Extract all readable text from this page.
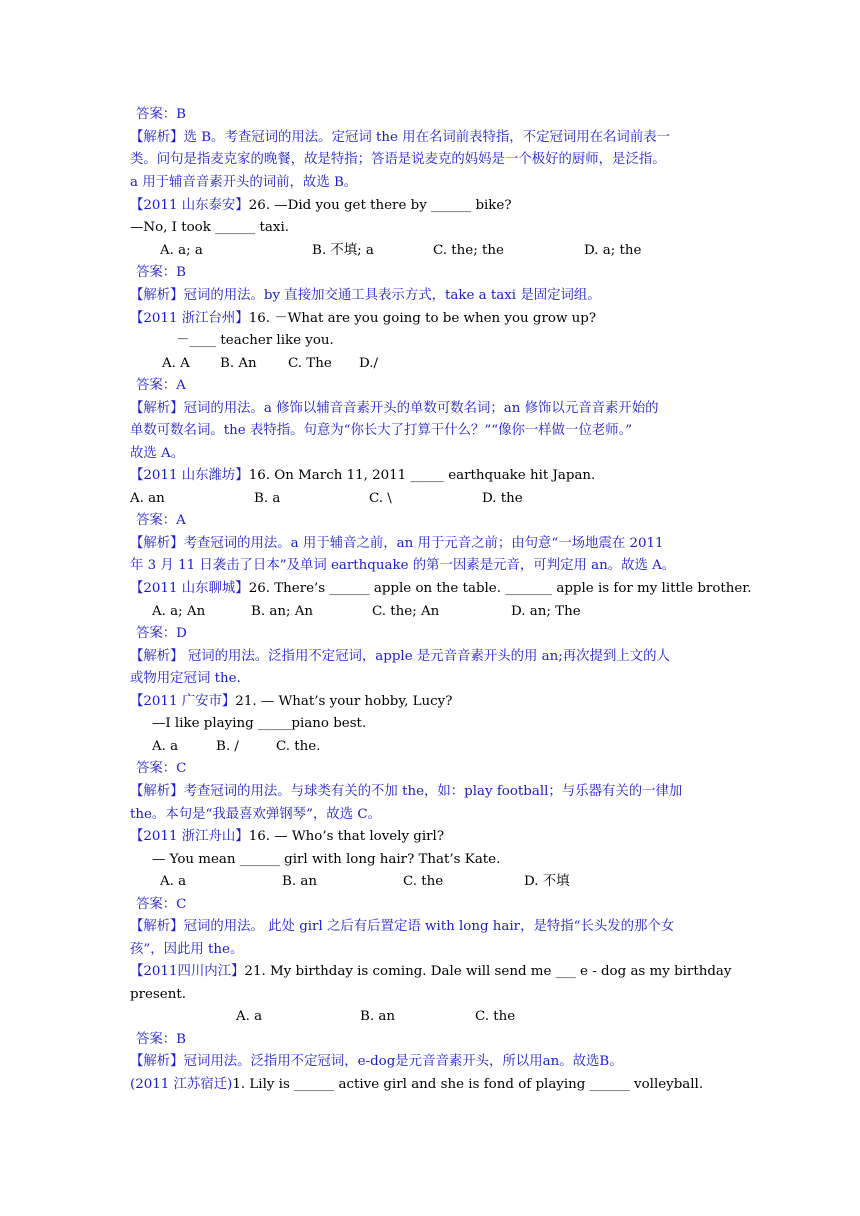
答案：B
【解析】选 B。考查冠词的用法。定冠词 the 用在名词前表特指，不定冠词用在名词前表一
类。问句是指麦克家的晚餐，故是特指；答语是说麦克的妈妈是一个极好的厨师，是泛指。
a 用于辅音音素开头的词前，故选 B。
【2011 山东泰安】26. —Did you get there by ______ bike?
—No, I took ______ taxi.
A. a; a	B. 不填; a	C. the; the	D. a; the
答案：B
【解析】冠词的用法。by 直接加交通工具表示方式，take a taxi 是固定词组。
【2011 浙江台州】16. －What are you going to be when you grow up?
－____ teacher like you.
A. A B. An C. The D./
答案：A
【解析】冠词的用法。a 修饰以辅音音素开头的单数可数名词；an 修饰以元音音素开始的
单数可数名词。the 表特指。句意为“你长大了打算干什么？”“像你一样做一位老师。”
故选 A。
【2011 山东潍坊】16. On March 11, 2011 _____ earthquake hit Japan.
A. an	B. a	C. \	D. the
答案：A
【解析】考查冠词的用法。a 用于辅音之前，an 用于元音之前；由句意“一场地震在 2011
年 3 月 11 日袭击了日本”及单词 earthquake 的第一因素是元音，可判定用 an。故选 A。
【2011 山东聊城】26. There’s ______ apple on the table. _______ apple is for my little brother.
A. a; An	B. an; An	C. the; An	D. an; The
答案：D
【解析】 冠词的用法。泛指用不定冠词，apple 是元音音素开头的用 an;再次提到上文的人
或物用定冠词 the.
【2011 广安市】21. — What’s your hobby, Lucy?
—I like playing _____piano best.
A. a	B. /	C. the.
答案：C
【解析】考查冠词的用法。与球类有关的不加 the，如：play football；与乐器有关的一律加
the。本句是“我最喜欢弹钢琴”，故选 C。
【2011 浙江舟山】16. — Who’s that lovely girl?
— You mean ______ girl with long hair? That’s Kate.
A. a	B. an	C. the	D. 不填
答案：C
【解析】冠词的用法。 此处 girl 之后有后置定语 with long hair，是特指“长头发的那个女
孩”，因此用 the。
【2011四川内江】21. My birthday is coming. Dale will send me ___ e - dog as my birthday
present.
A. a	B. an	C. the
答案：B
【解析】冠词用法。泛指用不定冠词，e-dog是元音音素开头，所以用an。故选B。
(2011 江苏宿迁)1. Lily is ______ active girl and she is fond of playing ______ volleyball.
